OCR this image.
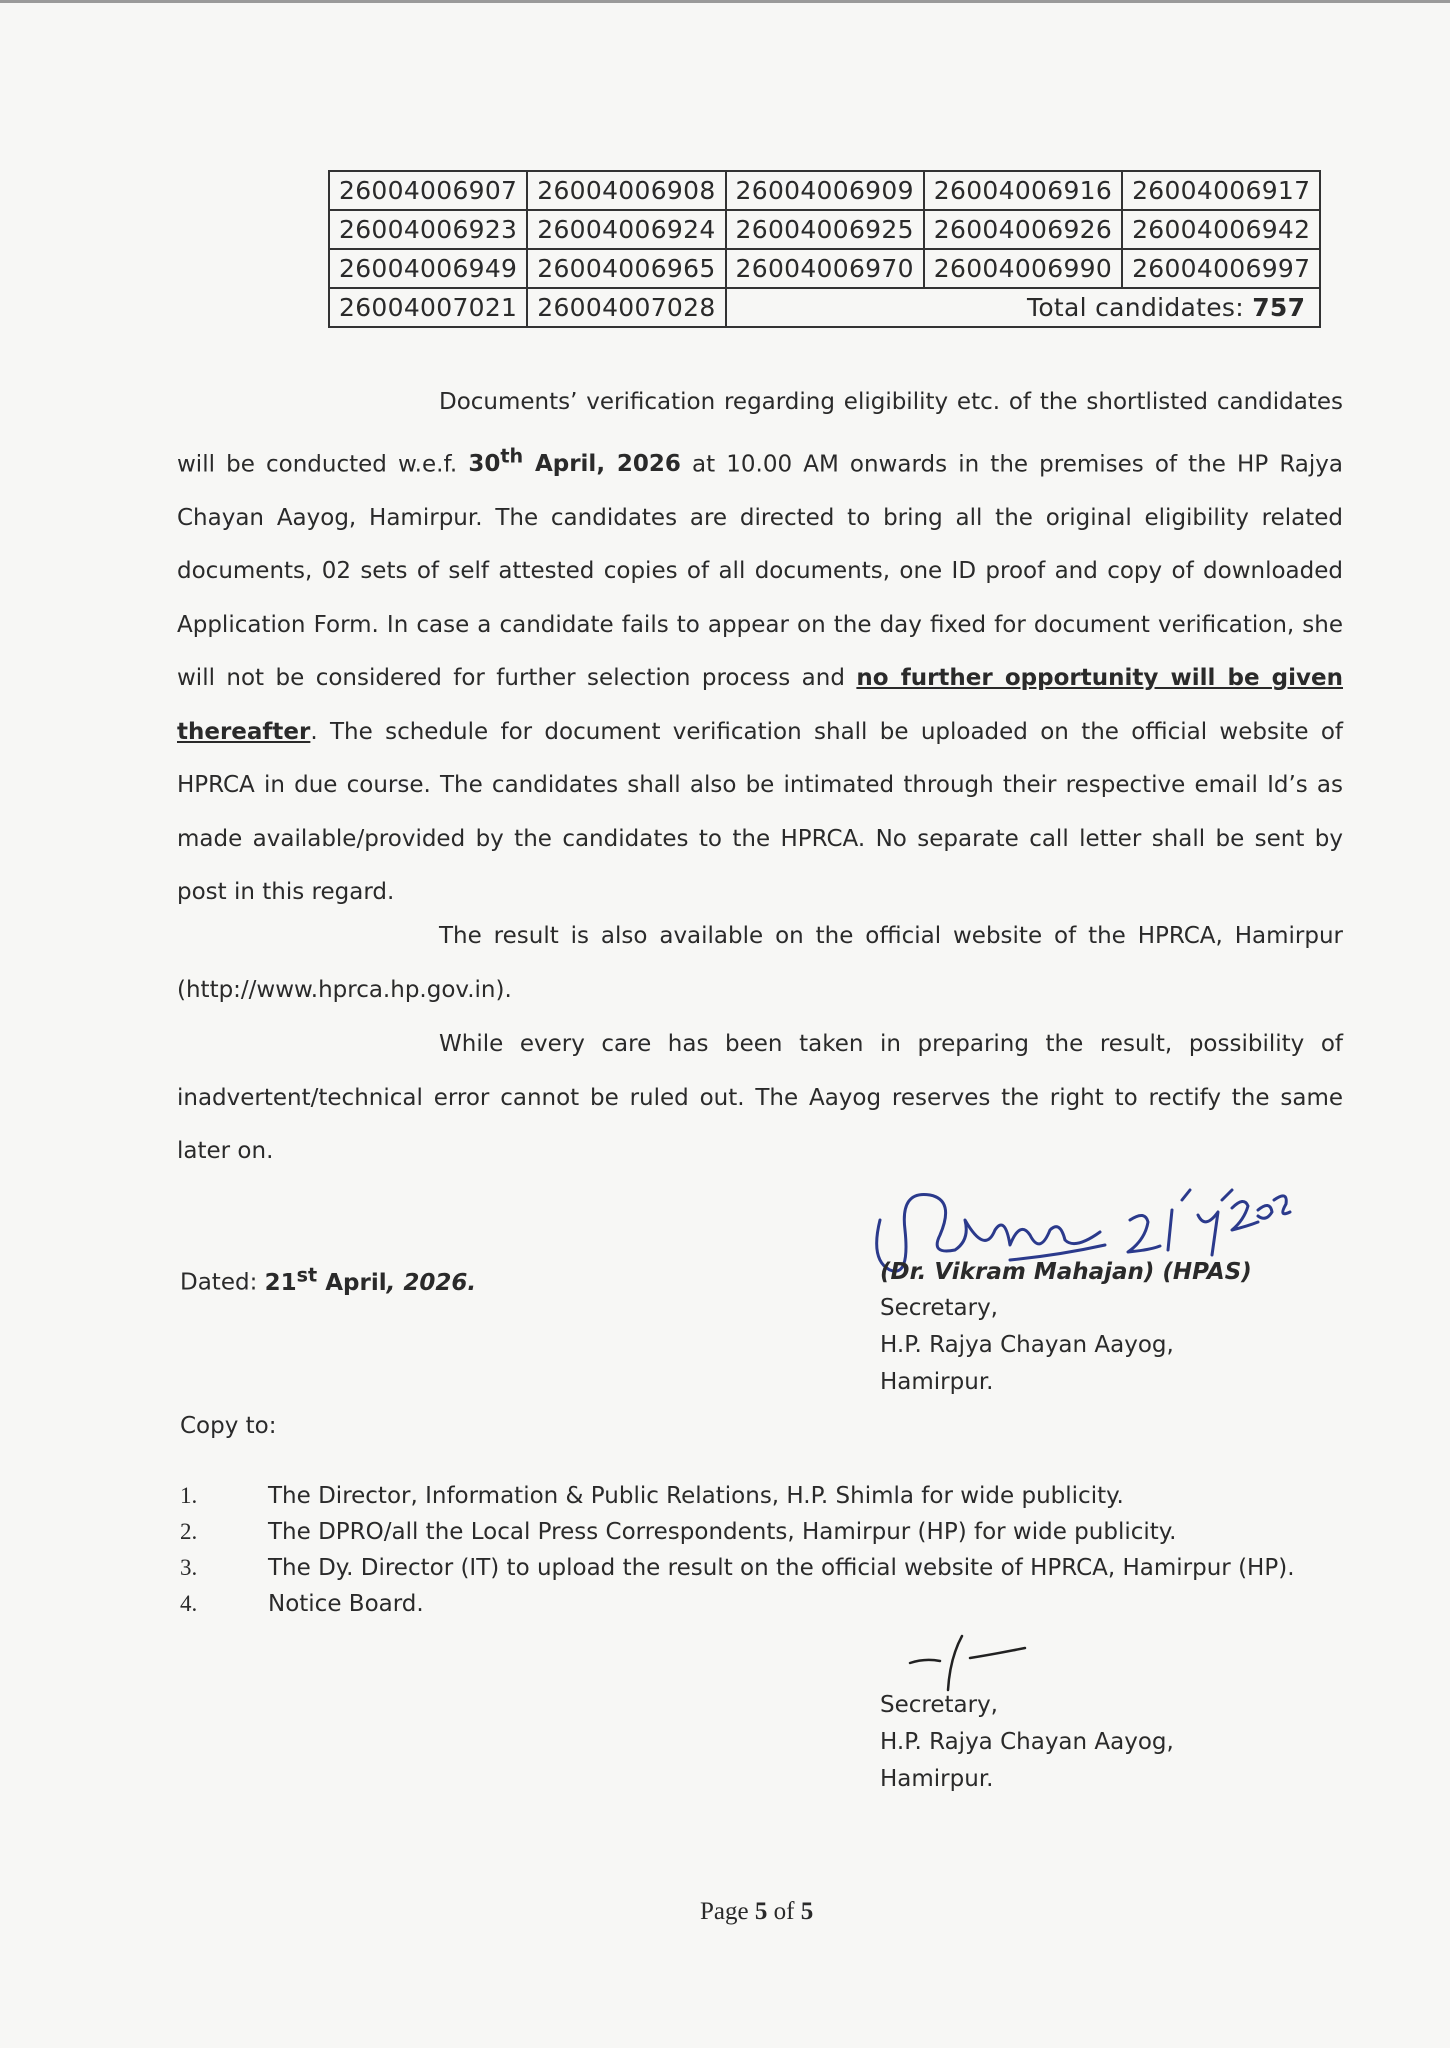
26004006907	26004006908	26004006909	26004006916	26004006917
26004006923	26004006924	26004006925	26004006926	26004006942
26004006949	26004006965	26004006970	26004006990	26004006997
26004007021	26004007028	Total candidates: 757		
Documents’ verification regarding eligibility etc. of the shortlisted candidates will be conducted w.e.f. 30th April, 2026 at 10.00 AM onwards in the premises of the HP Rajya Chayan Aayog, Hamirpur. The candidates are directed to bring all the original eligibility related documents, 02 sets of self attested copies of all documents, one ID proof and copy of downloaded Application Form. In case a candidate fails to appear on the day fixed for document verification, she will not be considered for further selection process and no further opportunity will be given thereafter. The schedule for document verification shall be uploaded on the official website of HPRCA in due course. The candidates shall also be intimated through their respective email Id’s as made available/provided by the candidates to the HPRCA. No separate call letter shall be sent by post in this regard.
The result is also available on the official website of the HPRCA, Hamirpur (http://www.hprca.hp.gov.in).
While every care has been taken in preparing the result, possibility of inadvertent/technical error cannot be ruled out. The Aayog reserves the right to rectify the same later on.
Dated: 21st April, 2026.	(Dr. Vikram Mahajan) (HPAS)
Secretary,
H.P. Rajya Chayan Aayog,
Hamirpur.
Copy to:
1.	The Director, Information & Public Relations, H.P. Shimla for wide publicity.
2.	The DPRO/all the Local Press Correspondents, Hamirpur (HP) for wide publicity.
3.	The Dy. Director (IT) to upload the result on the official website of HPRCA, Hamirpur (HP).
4.	Notice Board.
Secretary,
H.P. Rajya Chayan Aayog,
Hamirpur.
Page 5 of 5
